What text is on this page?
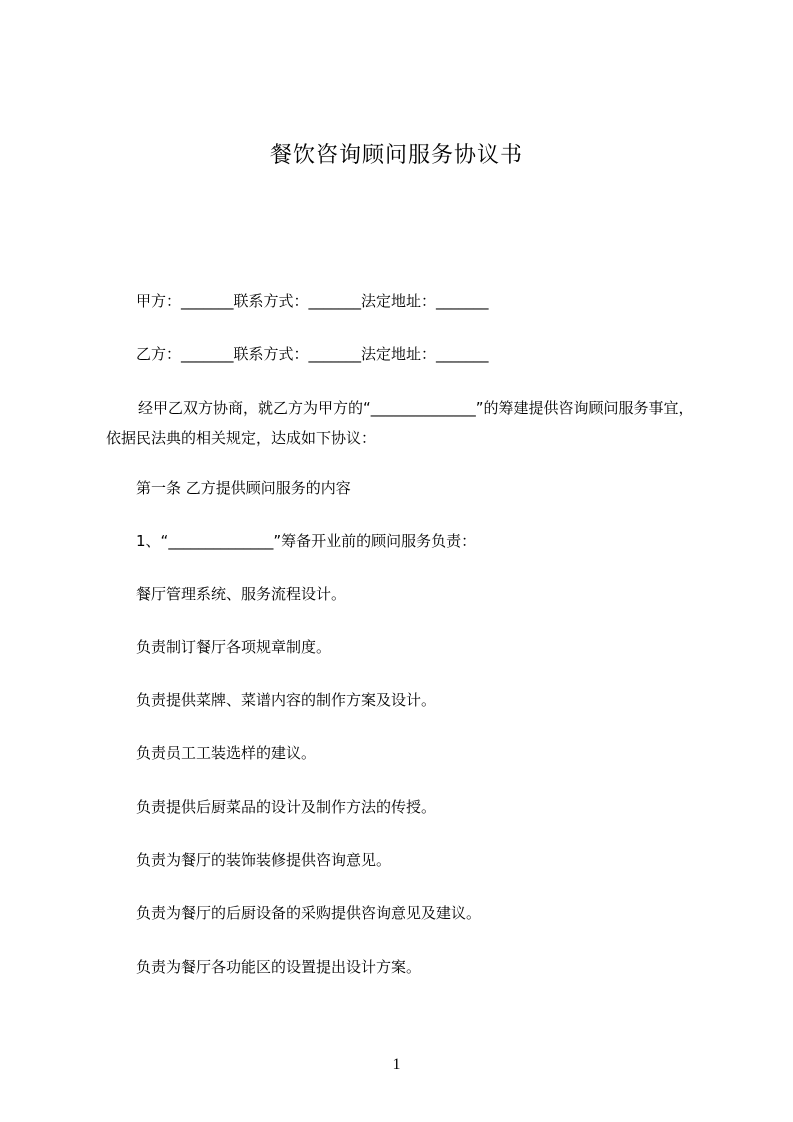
餐饮咨询顾问服务协议书
甲方：_______联系方式：_______法定地址：_______
乙方：_______联系方式：_______法定地址：_______
经甲乙双方协商，就乙方为甲方的“______________”的筹建提供咨询顾问服务事宜，依据民法典的相关规定，达成如下协议：
第一条 乙方提供顾问服务的内容
1、“______________”筹备开业前的顾问服务负责：
餐厅管理系统、服务流程设计。
负责制订餐厅各项规章制度。
负责提供菜牌、菜谱内容的制作方案及设计。
负责员工工装选样的建议。
负责提供后厨菜品的设计及制作方法的传授。
负责为餐厅的装饰装修提供咨询意见。
负责为餐厅的后厨设备的采购提供咨询意见及建议。
负责为餐厅各功能区的设置提出设计方案。
1
